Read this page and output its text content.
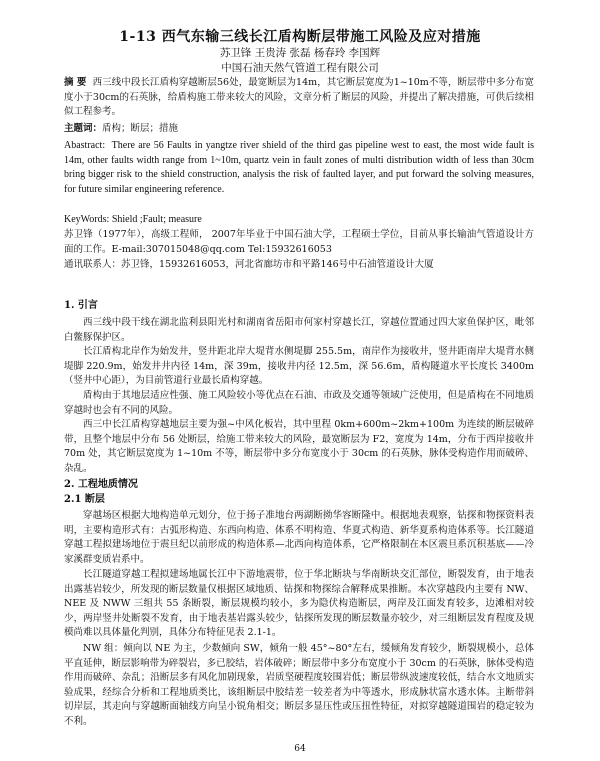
1-13 西气东输三线长江盾构断层带施工风险及应对措施
苏卫锋 王贵涛 张磊 杨春玲 李国辉
中国石油天然气管道工程有限公司
摘 要 西三线中段长江盾构穿越断层56处，最宽断层为14m，其它断层宽度为1~10m不等，断层带中多分布宽度小于30cm的石英脉，给盾构施工带来较大的风险，文章分析了断层的风险，并提出了解决措施，可供后续相似工程参考。
主题词：盾构；断层；措施
Abastract: There are 56 Faults in yangtze river shield of the third gas pipeline west to east, the most wide fault is 14m, other faults width range from 1~10m, quartz vein in fault zones of multi distribution width of less than 30cm bring bigger risk to the shield construction, analysis the risk of faulted layer, and put forward the solving measures, for future similar engineering reference.
KeyWords: Shield ;Fault; measure
苏卫锋（1977年），高级工程师， 2007年毕业于中国石油大学，工程硕士学位，目前从事长输油气管道设计方面的工作。E-mail:307015048@qq.com Tel:15932616053
通讯联系人：苏卫锋，15932616053，河北省廊坊市和平路146号中石油管道设计大厦
1. 引言
西三线中段干线在湖北监利县阳光村和湖南省岳阳市何家村穿越长江，穿越位置通过四大家鱼保护区，毗邻白鳖豚保护区。
长江盾构北岸作为始发井，竖井距北岸大堤背水侧堤脚 255.5m，南岸作为接收井，竖井距南岸大堤背水侧堤脚 220.9m，始发井井内径 14m，深 39m，接收井内径 12.5m，深 56.6m，盾构隧道水平长度长 3400m（竖井中心距），为目前管道行业最长盾构穿越。
盾构由于其地层适应性强、施工风险较小等优点在石油、市政及交通等领域广泛使用，但是盾构在不同地质穿越时也会有不同的风险。
西三中长江盾构穿越地层主要为强~中风化板岩，其中里程 0km+600m~2km+100m 为连续的断层破碎带，且整个地层中分布 56 处断层，给施工带来较大的风险，最宽断层为 F2，宽度为 14m，分布于西岸接收井 70m 处，其它断层宽度为 1~10m 不等，断层带中多分布宽度小于 30cm 的石英脉，脉体受构造作用而破碎、杂乱。
2. 工程地质情况
2.1 断层
穿越场区根据大地构造单元划分，位于扬子准地台两湖断拗华容断隆中。根据地表观察，钻探和物探资料表明，主要构造形式有：古弧形构造、东西向构造、体系不明构造、华夏式构造、新华夏系构造体系等。长江隧道穿越工程拟建场地位于震旦纪以前形成的构造体系—北西向构造体系，它严格限制在本区震旦系沉积基底——冷家溪群变质岩系中。
长江隧道穿越工程拟建场地属长江中下游地震带，位于华北断块与华南断块交汇部位，断裂发育，由于地表出露基岩较少，所发现的断层数量仅根据区域地质、钻探和物探综合解释成果推断。本次穿越段内主要有 NW、NEE 及 NWW 三组共 55 条断裂，断层规模均较小，多为隐伏构造断层，两岸及江面发育较多，边滩相对较少，两岸竖井处断裂不发育，由于地表基岩露头较少，钻探所发现的断层数量亦较少，对三组断层发育程度及规模尚难以具体量化判别，具体分布特征见表 2.1-1。
NW 组：倾向以 NE 为主，少数倾向 SW，倾角一般 45°~80°左右，缓倾角发育较少，断裂规模小，总体平直延伸，断层影响带为碎裂岩，多已胶结，岩体破碎；断层带中多分布宽度小于 30cm 的石英脉，脉体受构造作用而破碎、杂乱；沿断层多有风化加剧现象，岩质坚硬程度较围岩低；断层带纵波速度较低，结合水文地质实验成果，经综合分析和工程地质类比，该组断层中胶结差一较差者为中等透水，形成脉状富水透水体。主断带斜切岸层，其走向与穿越断面轴线方向呈小锐角相交；断层多显压性或压扭性特征，对拟穿越隧道围岩的稳定较为不利。
64
